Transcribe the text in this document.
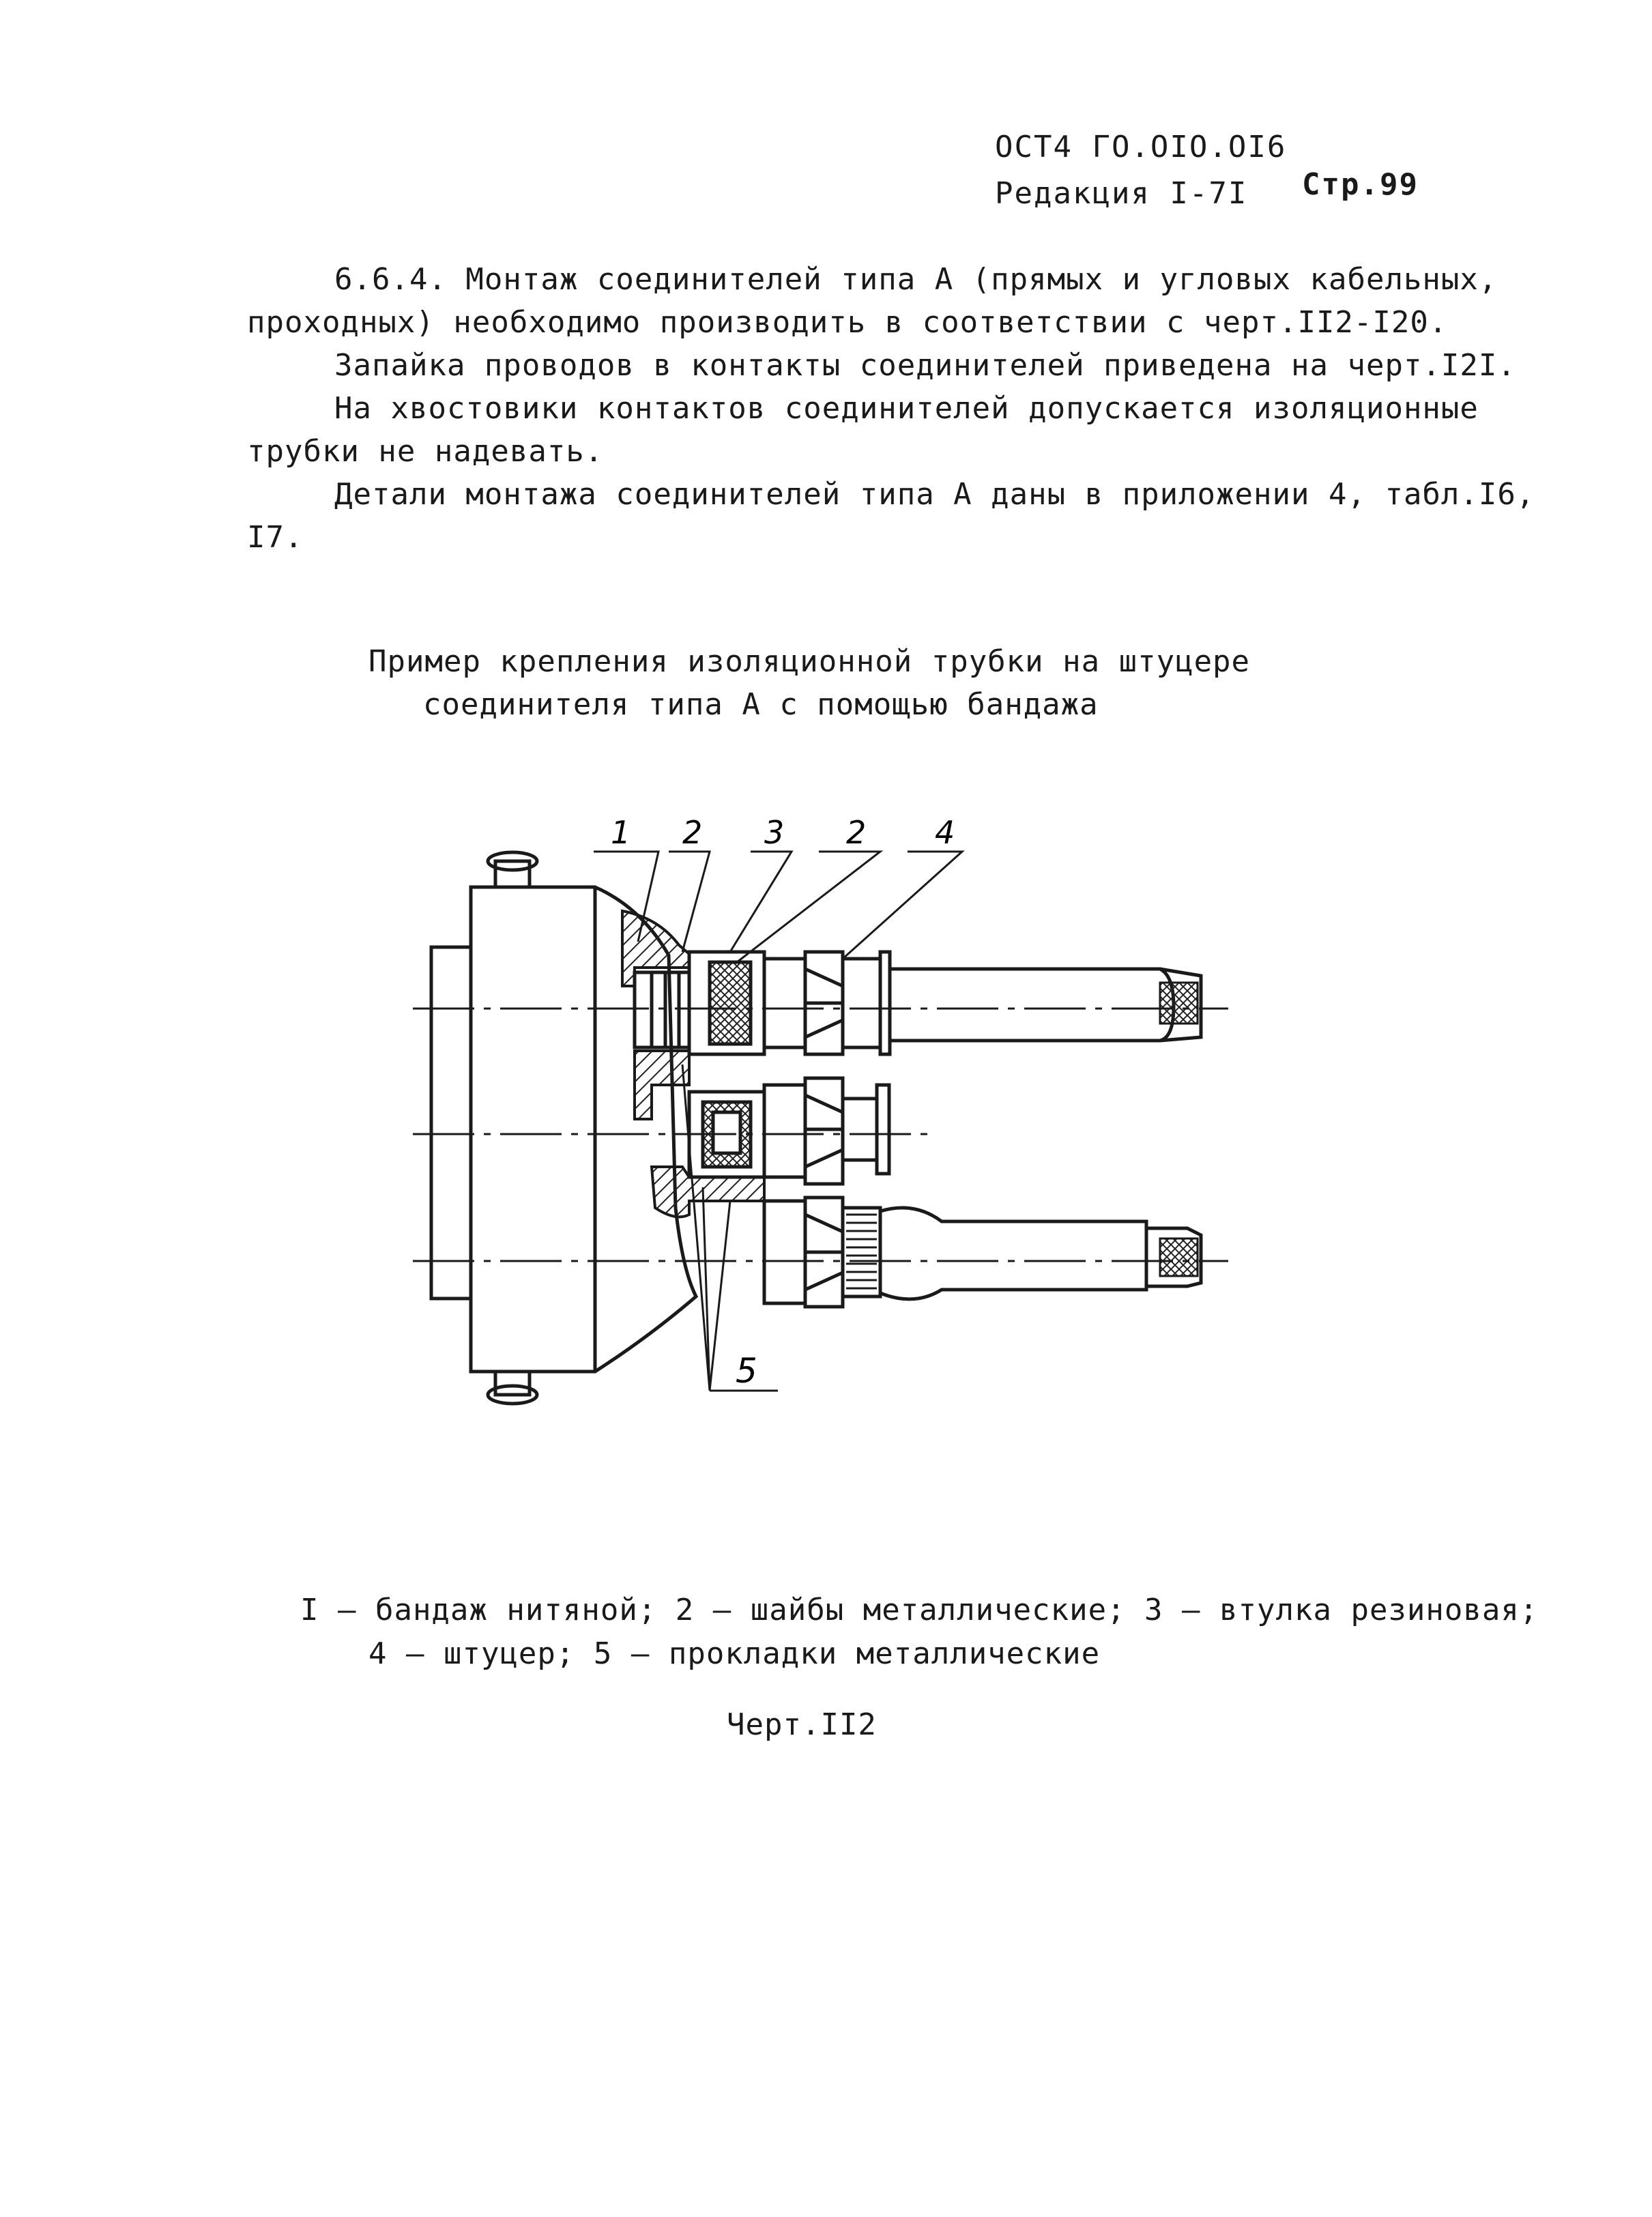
ОСТ4 ГО.ОIО.ОI6
Редакция I-7I Стр.99
6.6.4. Монтаж соединителей типа А (прямых и угловых кабельных,
проходных) необходимо производить в соответствии с черт.II2-I20.
Запайка проводов в контакты соединителей приведена на черт.I2I.
На хвостовики контактов соединителей допускается изоляционные
трубки не надевать.
Детали монтажа соединителей типа А даны в приложении 4, табл.I6,
I7.
Пример крепления изоляционной трубки на штуцере
соединителя типа А с помощью бандажа
1 2 3 2 4
5
I – бандаж нитяной; 2 – шайбы металлические; 3 – втулка резиновая;
4 – штуцер; 5 – прокладки металлические
Черт.II2
